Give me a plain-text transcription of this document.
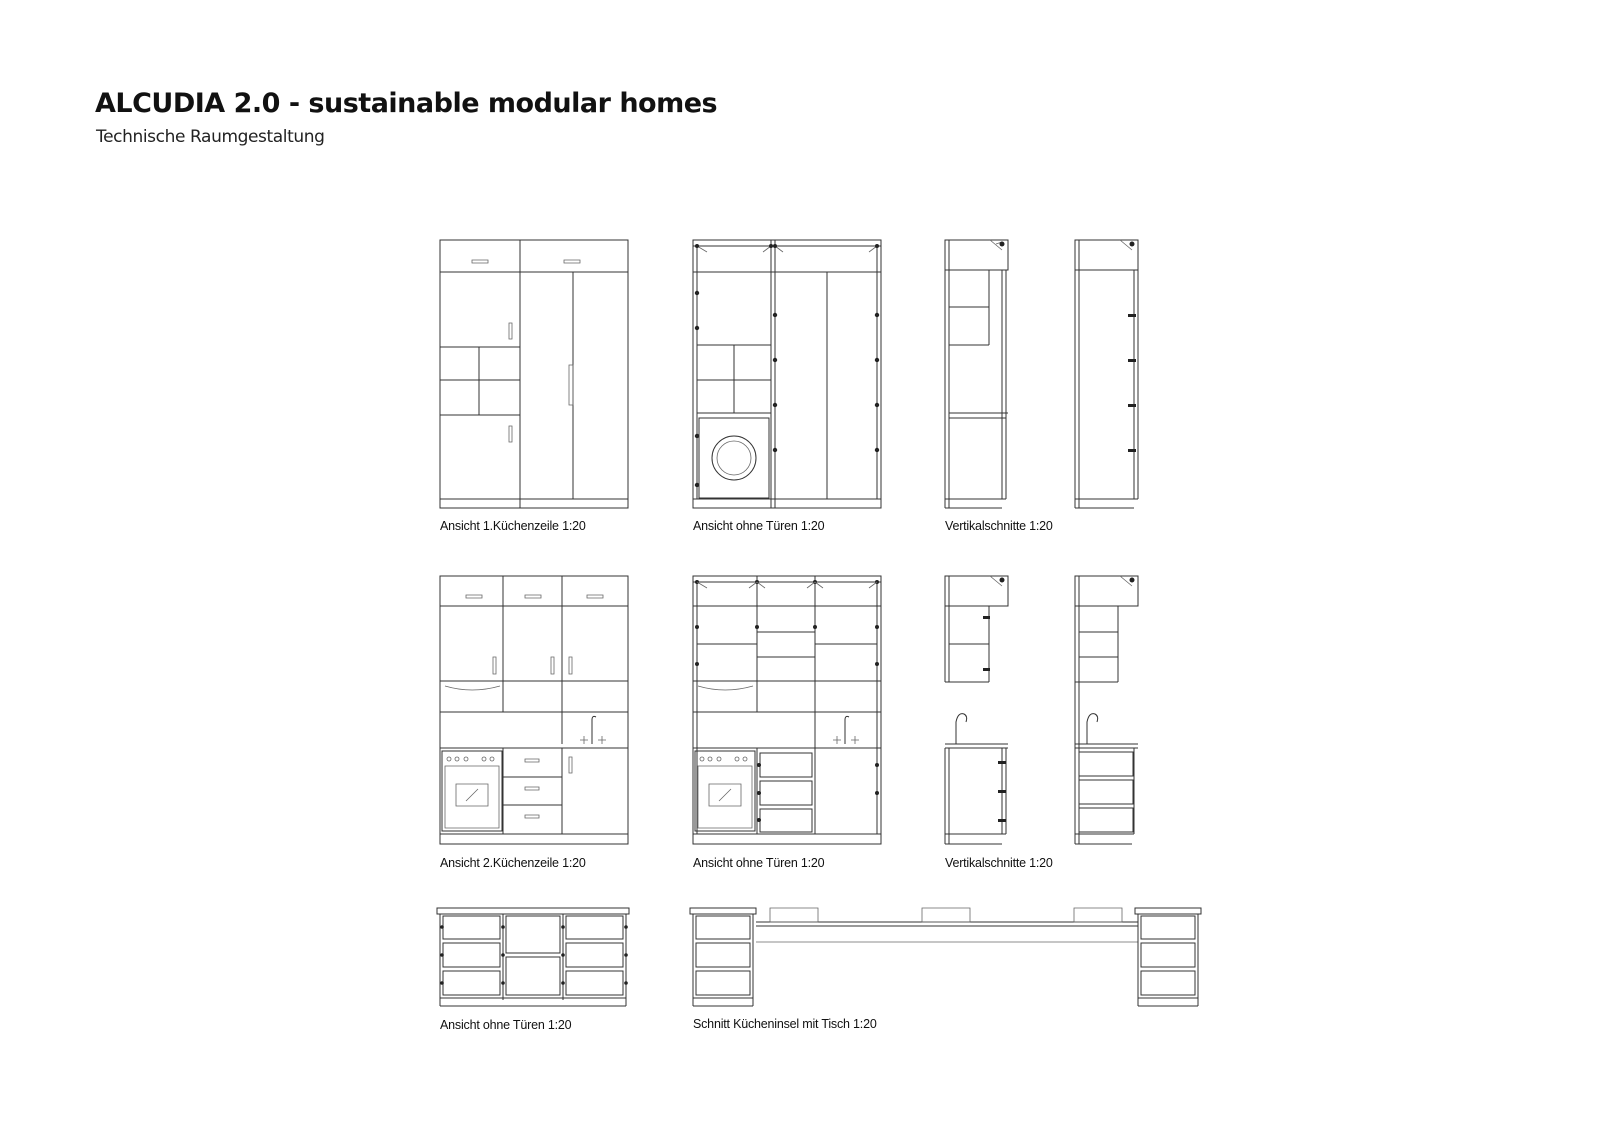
ALCUDIA 2.0 - sustainable modular homes

Technische Raumgestaltung

Ansicht 1.Küchenzeile 1:20	Ansicht ohne Türen 1:20	Vertikalschnitte 1:20
Ansicht 2.Küchenzeile 1:20	Ansicht ohne Türen 1:20	Vertikalschnitte 1:20
Ansicht ohne Türen 1:20	Schnitt Kücheninsel mit Tisch 1:20
